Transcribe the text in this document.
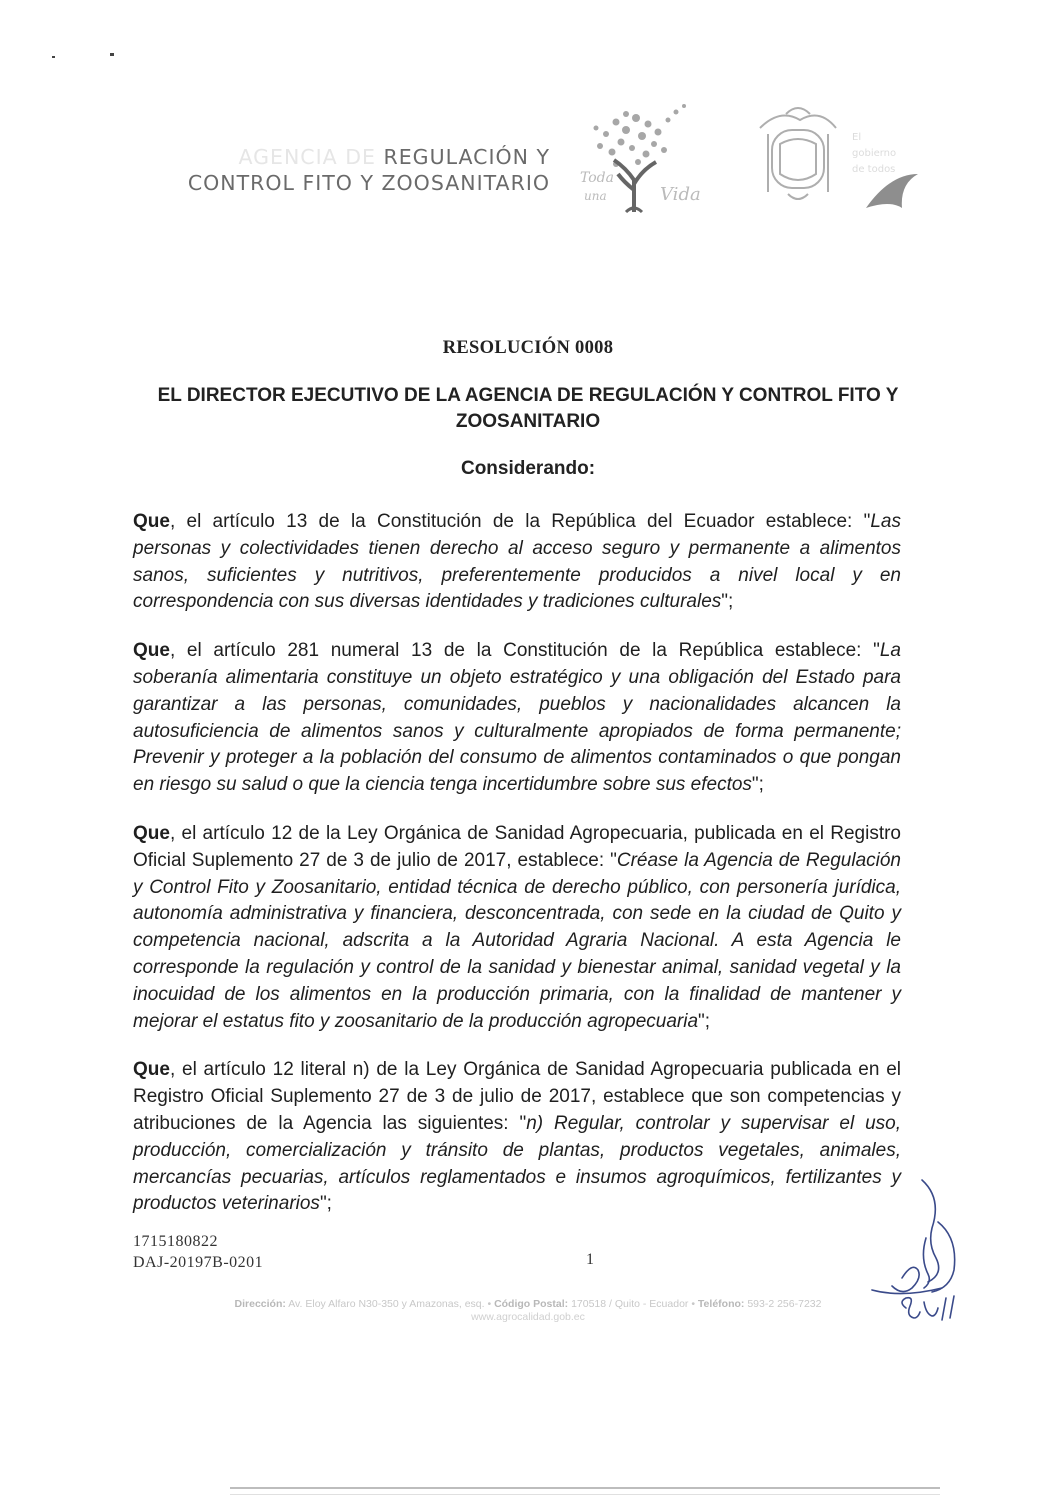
AGENCIA DE REGULACIÓN Y
CONTROL FITO Y ZOOSANITARIO Toda
una	Vida
El
gobierno
de todos
RESOLUCIÓN 0008
EL DIRECTOR EJECUTIVO DE LA AGENCIA DE REGULACIÓN Y CONTROL FITO Y ZOOSANITARIO
Considerando:

Que, el artículo 13 de la Constitución de la República del Ecuador establece: "Las personas y colectividades tienen derecho al acceso seguro y permanente a alimentos sanos, suficientes y nutritivos, preferentemente producidos a nivel local y en correspondencia con sus diversas identidades y tradiciones culturales";

Que, el artículo 281 numeral 13 de la Constitución de la República establece: "La soberanía alimentaria constituye un objeto estratégico y una obligación del Estado para garantizar a las personas, comunidades, pueblos y nacionalidades alcancen la autosuficiencia de alimentos sanos y culturalmente apropiados de forma permanente; Prevenir y proteger a la población del consumo de alimentos contaminados o que pongan en riesgo su salud o que la ciencia tenga incertidumbre sobre sus efectos";

Que, el artículo 12 de la Ley Orgánica de Sanidad Agropecuaria, publicada en el Registro Oficial Suplemento 27 de 3 de julio de 2017, establece: "Créase la Agencia de Regulación y Control Fito y Zoosanitario, entidad técnica de derecho público, con personería jurídica, autonomía administrativa y financiera, desconcentrada, con sede en la ciudad de Quito y competencia nacional, adscrita a la Autoridad Agraria Nacional. A esta Agencia le corresponde la regulación y control de la sanidad y bienestar animal, sanidad vegetal y la inocuidad de los alimentos en la producción primaria, con la finalidad de mantener y mejorar el estatus fito y zoosanitario de la producción agropecuaria";

Que, el artículo 12 literal n) de la Ley Orgánica de Sanidad Agropecuaria publicada en el Registro Oficial Suplemento 27 de 3 de julio de 2017, establece que son competencias y atribuciones de la Agencia las siguientes: "n) Regular, controlar y supervisar el uso, producción, comercialización y tránsito de plantas, productos vegetales, animales, mercancías pecuarias, artículos reglamentados e insumos agroquímicos, fertilizantes y productos veterinarios";

1715180822
DAJ-20197B-0201	1
Dirección: Av. Eloy Alfaro N30-350 y Amazonas, esq. • Código Postal: 170518 / Quito - Ecuador • Teléfono: 593-2 256-7232
www.agrocalidad.gob.ec
